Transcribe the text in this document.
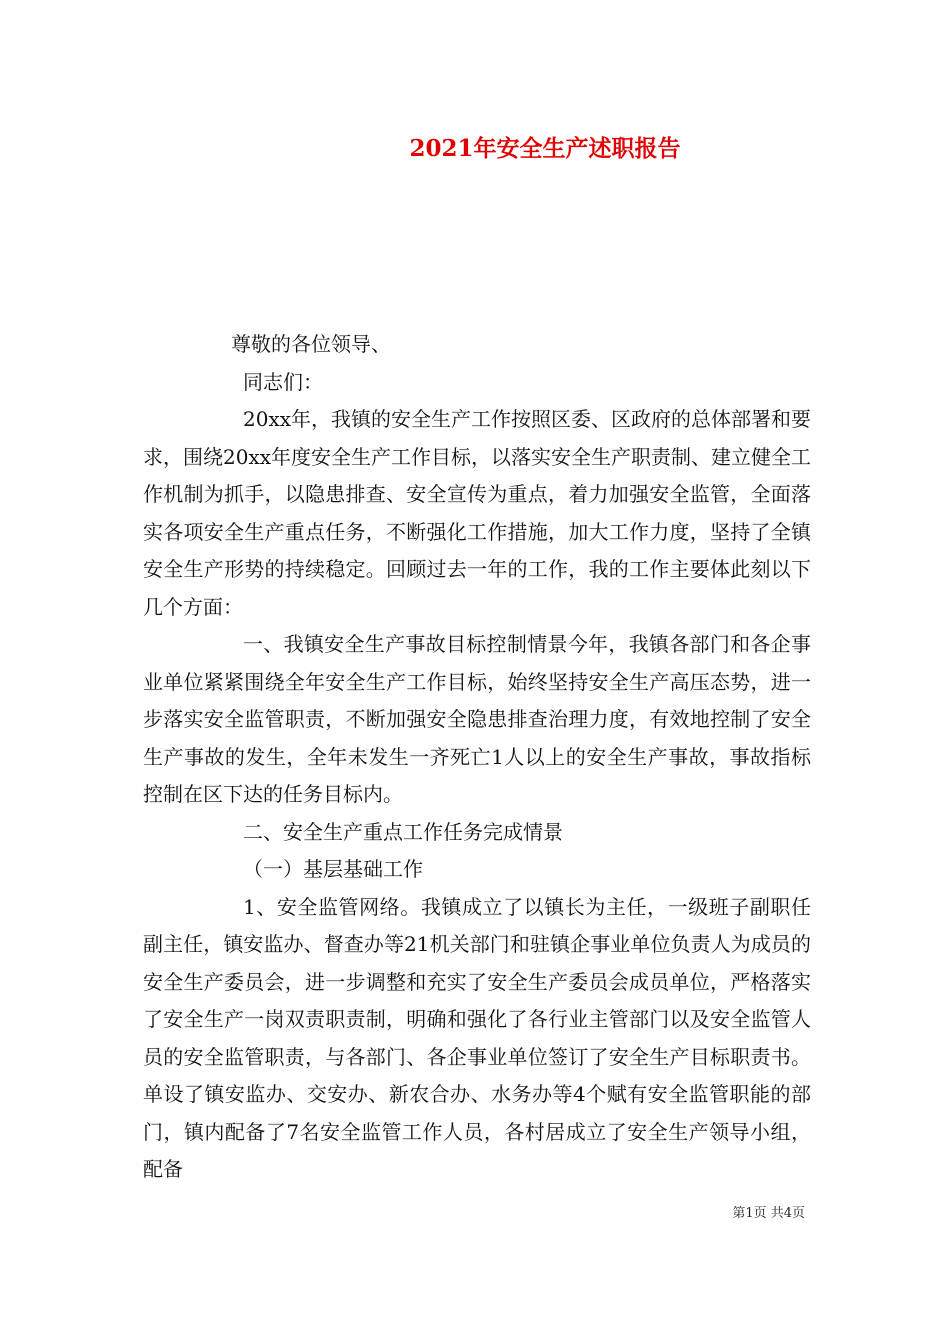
2021年安全生产述职报告

尊敬的各位领导、

同志们：

20xx年，我镇的安全生产工作按照区委、区政府的总体部署和要求，围绕20xx年度安全生产工作目标，以落实安全生产职责制、建立健全工作机制为抓手，以隐患排查、安全宣传为重点，着力加强安全监管，全面落实各项安全生产重点任务，不断强化工作措施，加大工作力度，坚持了全镇安全生产形势的持续稳定。回顾过去一年的工作，我的工作主要体此刻以下几个方面：

一、我镇安全生产事故目标控制情景今年，我镇各部门和各企事业单位紧紧围绕全年安全生产工作目标，始终坚持安全生产高压态势，进一步落实安全监管职责，不断加强安全隐患排查治理力度，有效地控制了安全生产事故的发生，全年未发生一齐死亡1人以上的安全生产事故，事故指标控制在区下达的任务目标内。

二、安全生产重点工作任务完成情景

（一）基层基础工作

1、安全监管网络。我镇成立了以镇长为主任，一级班子副职任副主任，镇安监办、督查办等21机关部门和驻镇企事业单位负责人为成员的安全生产委员会，进一步调整和充实了安全生产委员会成员单位，严格落实了安全生产一岗双责职责制，明确和强化了各行业主管部门以及安全监管人员的安全监管职责，与各部门、各企事业单位签订了安全生产目标职责书。单设了镇安监办、交安办、新农合办、水务办等4个赋有安全监管职能的部门，镇内配备了7名安全监管工作人员，各村居成立了安全生产领导小组，配备

第1页 共4页
